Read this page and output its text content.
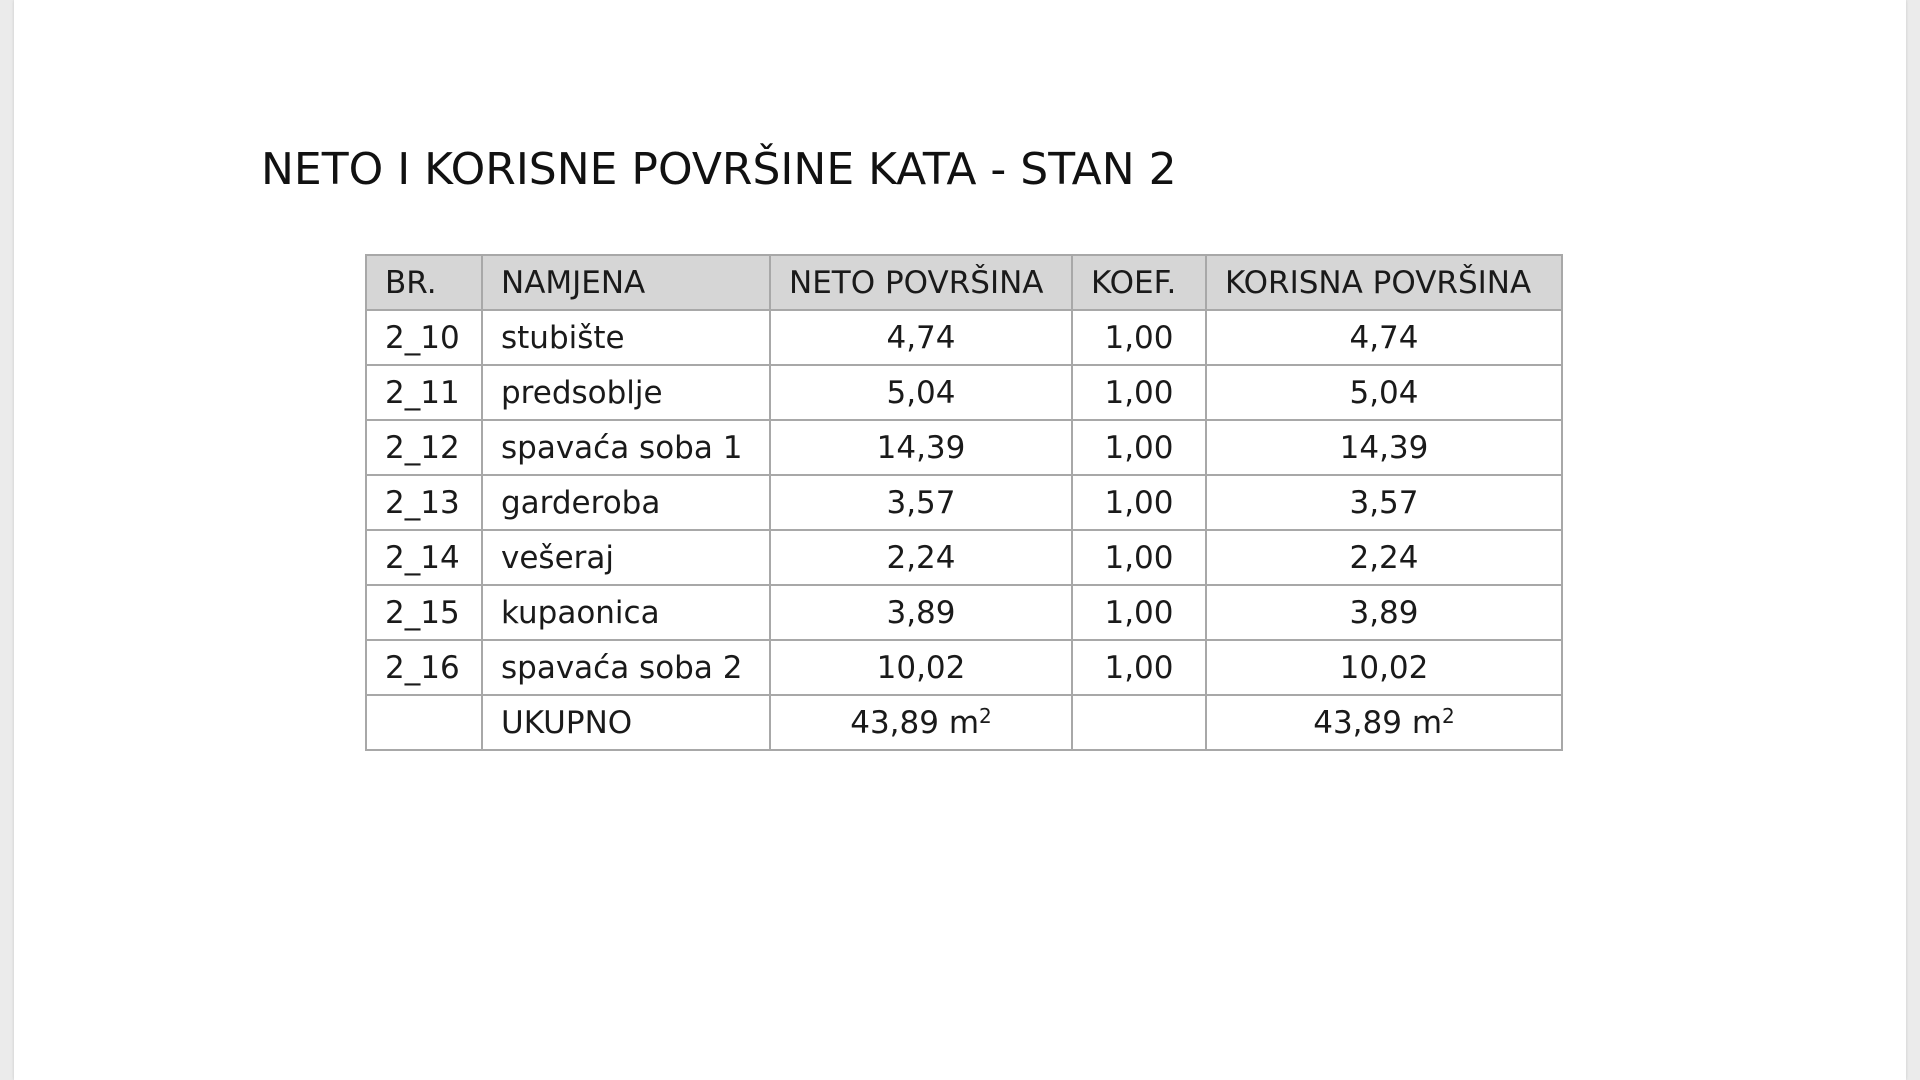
NETO I KORISNE POVRŠINE KATA - STAN 2
BR.	NAMJENA	NETO POVRŠINA	KOEF.	KORISNA POVRŠINA
2_10	stubište	4,74	1,00	4,74
2_11	predsoblje	5,04	1,00	5,04
2_12	spavaća soba 1	14,39	1,00	14,39
2_13	garderoba	3,57	1,00	3,57
2_14	vešeraj	2,24	1,00	2,24
2_15	kupaonica	3,89	1,00	3,89
2_16	spavaća soba 2	10,02	1,00	10,02
	UKUPNO	43,89 $m^2$		43,89 $m^2$
